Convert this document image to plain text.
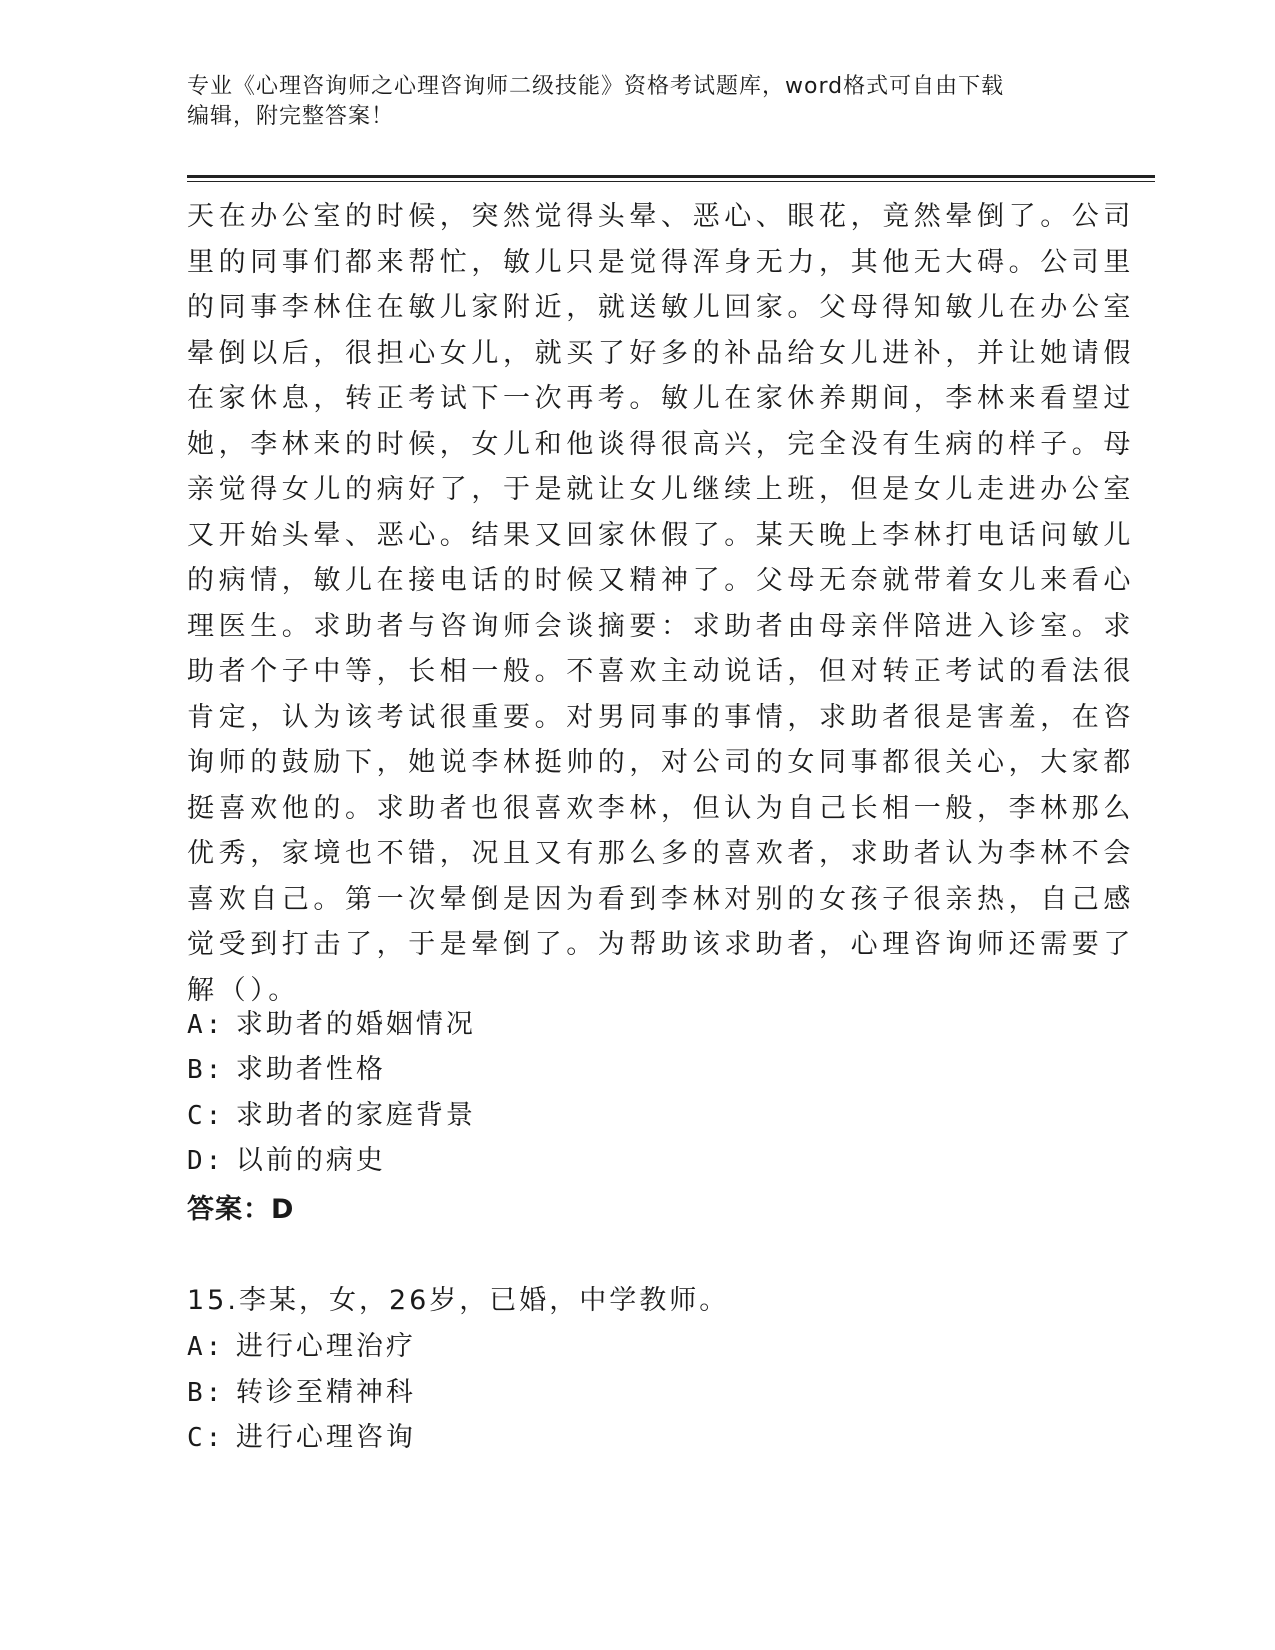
专业《心理咨询师之心理咨询师二级技能》资格考试题库，word格式可自由下载
编辑，附完整答案！
天在办公室的时候，突然觉得头晕、恶心、眼花，竟然晕倒了。公司
里的同事们都来帮忙，敏儿只是觉得浑身无力，其他无大碍。公司里
的同事李林住在敏儿家附近，就送敏儿回家。父母得知敏儿在办公室
晕倒以后，很担心女儿，就买了好多的补品给女儿进补，并让她请假
在家休息，转正考试下一次再考。敏儿在家休养期间，李林来看望过
她，李林来的时候，女儿和他谈得很高兴，完全没有生病的样子。母
亲觉得女儿的病好了，于是就让女儿继续上班，但是女儿走进办公室
又开始头晕、恶心。结果又回家休假了。某天晚上李林打电话问敏儿
的病情，敏儿在接电话的时候又精神了。父母无奈就带着女儿来看心
理医生。求助者与咨询师会谈摘要：求助者由母亲伴陪进入诊室。求
助者个子中等，长相一般。不喜欢主动说话，但对转正考试的看法很
肯定，认为该考试很重要。对男同事的事情，求助者很是害羞，在咨
询师的鼓励下，她说李林挺帅的，对公司的女同事都很关心，大家都
挺喜欢他的。求助者也很喜欢李林，但认为自己长相一般，李林那么
优秀，家境也不错，况且又有那么多的喜欢者，求助者认为李林不会
喜欢自己。第一次晕倒是因为看到李林对别的女孩子很亲热，自己感
觉受到打击了，于是晕倒了。为帮助该求助者，心理咨询师还需要了
解（）。
A: 求助者的婚姻情况
B: 求助者性格
C: 求助者的家庭背景
D: 以前的病史
答案：D
15.李某，女，26岁，已婚，中学教师。
A: 进行心理治疗
B: 转诊至精神科
C: 进行心理咨询
